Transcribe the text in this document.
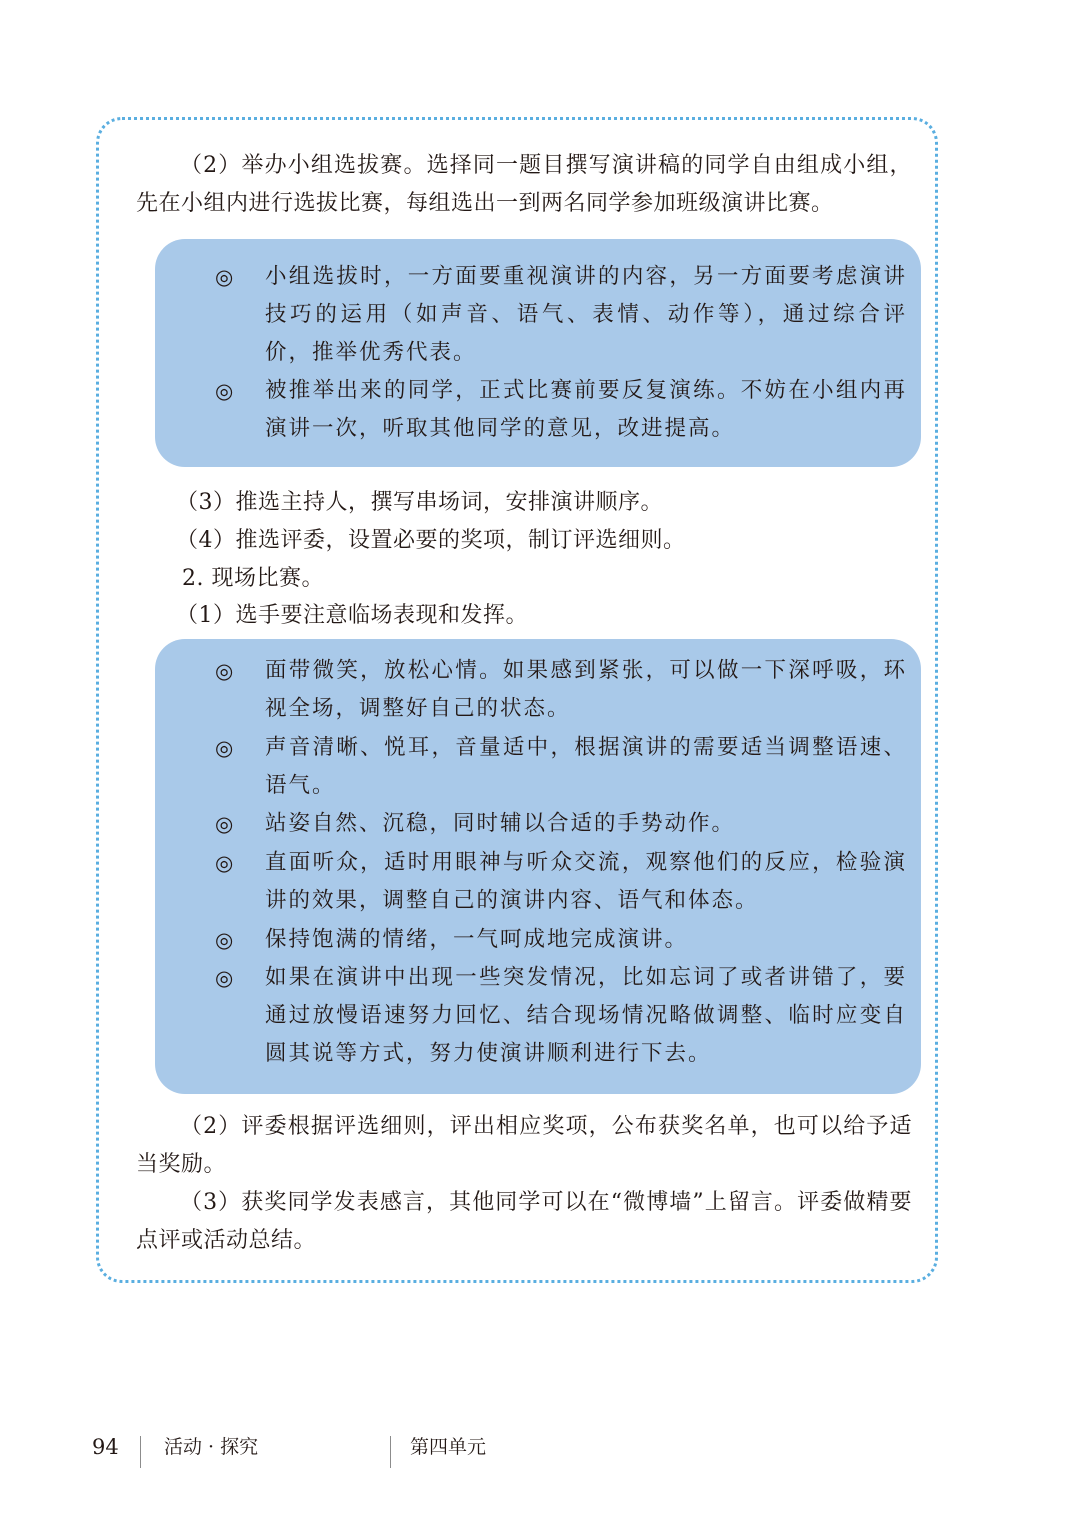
（2）举办小组选拔赛。选择同一题目撰写演讲稿的同学自由组成小组，先在小组内进行选拔比赛，每组选出一到两名同学参加班级演讲比赛。

◎ 小组选拔时，一方面要重视演讲的内容，另一方面要考虑演讲技巧的运用（如声音、语气、表情、动作等），通过综合评价，推举优秀代表。

◎ 被推举出来的同学，正式比赛前要反复演练。不妨在小组内再演讲一次，听取其他同学的意见，改进提高。

（3）推选主持人，撰写串场词，安排演讲顺序。

（4）推选评委，设置必要的奖项，制订评选细则。

2. 现场比赛。

（1）选手要注意临场表现和发挥。

◎ 面带微笑，放松心情。如果感到紧张，可以做一下深呼吸，环视全场，调整好自己的状态。

◎ 声音清晰、悦耳，音量适中，根据演讲的需要适当调整语速、语气。

◎ 站姿自然、沉稳，同时辅以合适的手势动作。

◎ 直面听众，适时用眼神与听众交流，观察他们的反应，检验演讲的效果，调整自己的演讲内容、语气和体态。

◎ 保持饱满的情绪，一气呵成地完成演讲。

◎ 如果在演讲中出现一些突发情况，比如忘词了或者讲错了，要通过放慢语速努力回忆、结合现场情况略做调整、临时应变自圆其说等方式，努力使演讲顺利进行下去。

（2）评委根据评选细则，评出相应奖项，公布获奖名单，也可以给予适当奖励。

（3）获奖同学发表感言，其他同学可以在“微博墙”上留言。评委做精要点评或活动总结。

94 活动 · 探究	第四单元
